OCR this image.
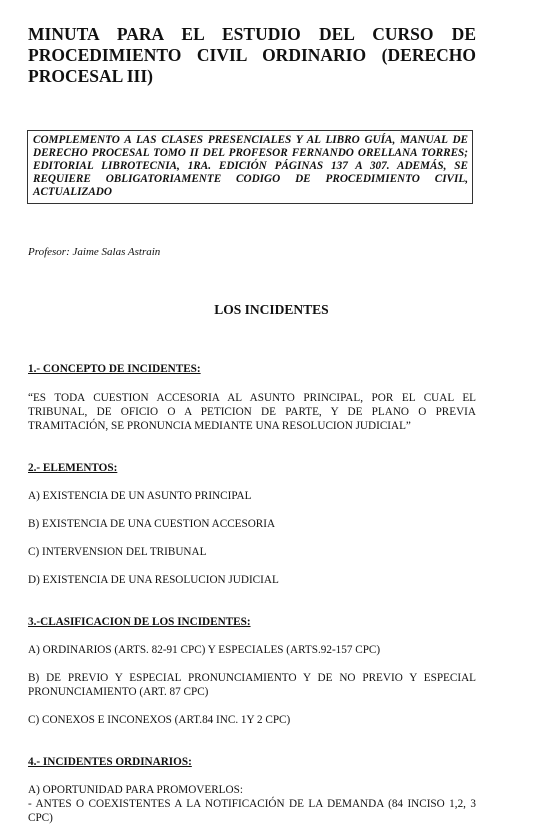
MINUTA PARA EL ESTUDIO DEL CURSO DE PROCEDIMIENTO CIVIL ORDINARIO (DERECHO PROCESAL III)

COMPLEMENTO A LAS CLASES PRESENCIALES Y AL LIBRO GUÍA, MANUAL DE DERECHO PROCESAL TOMO II DEL PROFESOR FERNANDO ORELLANA TORRES; EDITORIAL LIBROTECNIA, 1RA. EDICIÓN PÁGINAS 137 A 307. ADEMÁS, SE REQUIERE OBLIGATORIAMENTE CODIGO DE PROCEDIMIENTO CIVIL, ACTUALIZADO

Profesor: Jaime Salas Astrain

LOS INCIDENTES
1.- CONCEPTO DE INCIDENTES:

“ES TODA CUESTION ACCESORIA AL ASUNTO PRINCIPAL, POR EL CUAL EL TRIBUNAL, DE OFICIO O A PETICION DE PARTE, Y DE PLANO O PREVIA TRAMITACIÓN, SE PRONUNCIA MEDIANTE UNA RESOLUCION JUDICIAL”

2.- ELEMENTOS:

A) EXISTENCIA DE UN ASUNTO PRINCIPAL

B) EXISTENCIA DE UNA CUESTION ACCESORIA

C) INTERVENSION DEL TRIBUNAL

D) EXISTENCIA DE UNA RESOLUCION JUDICIAL

3.-CLASIFICACION DE LOS INCIDENTES:

A) ORDINARIOS (ARTS. 82-91 CPC) Y ESPECIALES (ARTS.92-157 CPC)

B) DE PREVIO Y ESPECIAL PRONUNCIAMIENTO Y DE NO PREVIO Y ESPECIAL PRONUNCIAMIENTO (ART. 87 CPC)

C) CONEXOS E INCONEXOS (ART.84 INC. 1Y 2 CPC)

4.- INCIDENTES ORDINARIOS:

A) OPORTUNIDAD PARA PROMOVERLOS:

- ANTES O COEXISTENTES A LA NOTIFICACIÓN DE LA DEMANDA (84 INCISO 1,2, 3 CPC)
